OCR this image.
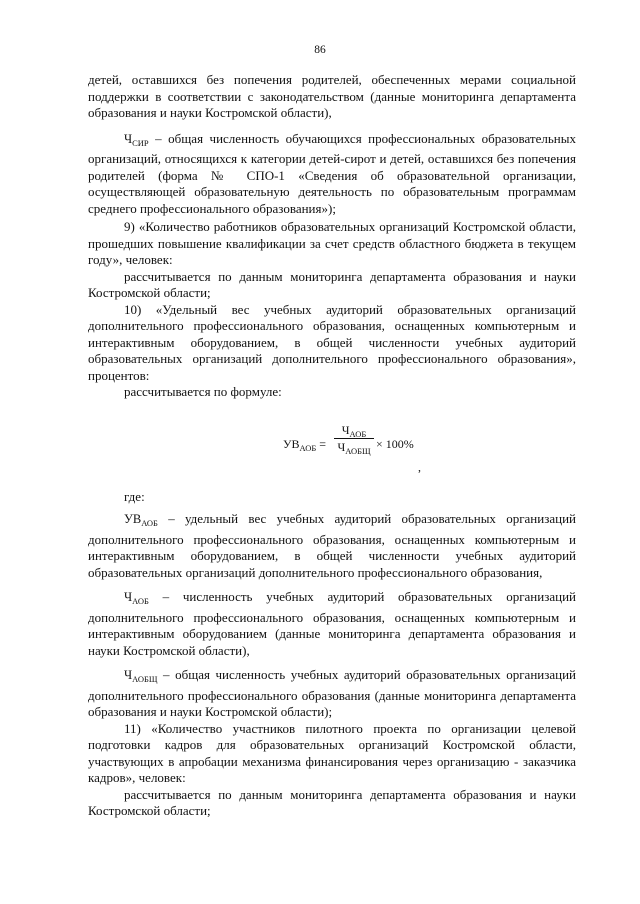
86

детей, оставшихся без попечения родителей, обеспеченных мерами социальной поддержки в соответствии с законодательством (данные мониторинга департамента образования и науки Костромской области),

$Ч_{СИР}$ – общая численность обучающихся профессиональных образовательных организаций, относящихся к категории детей-сирот и детей, оставшихся без попечения родителей (форма № СПО-1 «Сведения об образовательной организации, осуществляющей образовательную деятельность по образовательным программам среднего профессионального образования»);

9) «Количество работников образовательных организаций Костромской области, прошедших повышение квалификации за счет средств областного бюджета в текущем году», человек:

рассчитывается по данным мониторинга департамента образования и науки Костромской области;

10) «Удельный вес учебных аудиторий образовательных организаций дополнительного профессионального образования, оснащенных компьютерным и интерактивным оборудованием, в общей численности учебных аудиторий образовательных организаций дополнительного профессионального образования», процентов:

рассчитывается по формуле:

$УВ_{АОБ}$ =
$Ч_{АОБ}$
$Ч_{АОБЩ} \times 100\%$
,

где:

$УВ_{АОБ}$ – удельный вес учебных аудиторий образовательных организаций дополнительного профессионального образования, оснащенных компьютерным и интерактивным оборудованием, в общей численности учебных аудиторий образовательных организаций дополнительного профессионального образования,

$Ч_{АОБ}$ – численность учебных аудиторий образовательных организаций дополнительного профессионального образования, оснащенных компьютерным и интерактивным оборудованием (данные мониторинга департамента образования и науки Костромской области),

$Ч_{АОБЩ}$ – общая численность учебных аудиторий образовательных организаций дополнительного профессионального образования (данные мониторинга департамента образования и науки Костромской области);

11) «Количество участников пилотного проекта по организации целевой подготовки кадров для образовательных организаций Костромской области, участвующих в апробации механизма финансирования через организацию - заказчика кадров», человек:

рассчитывается по данным мониторинга департамента образования и науки Костромской области;
